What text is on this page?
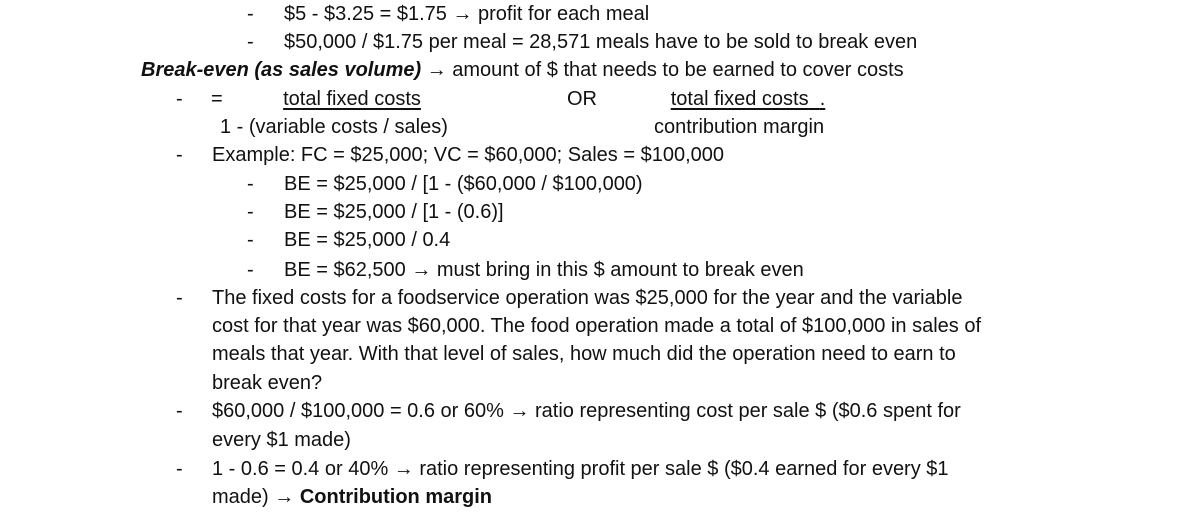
-
-
$5 - $3.25 = $1.75 → profit for each meal
$50,000 / $1.75 per meal = 28,571 meals have to be sold to break even
Break-even (as sales volume) → amount of $ that needs to be earned to cover costs
- =	total fixed costs	OR	total fixed costs .
1 - (variable costs / sales)	contribution margin
- Example: FC = $25,000; VC = $60,000; Sales = $100,000
- BE = $25,000 / [1 - ($60,000 / $100,000)
- BE = $25,000 / [1 - (0.6)]
- BE = $25,000 / 0.4
- BE = $62,500 → must bring in this $ amount to break even
- The fixed costs for a foodservice operation was $25,000 for the year and the variable
cost for that year was $60,000. The food operation made a total of $100,000 in sales of
meals that year. With that level of sales, how much did the operation need to earn to
break even?
- $60,000 / $100,000 = 0.6 or 60% → ratio representing cost per sale $ ($0.6 spent for
every $1 made)
- 1 - 0.6 = 0.4 or 40% → ratio representing profit per sale $ ($0.4 earned for every $1
made) → Contribution margin
